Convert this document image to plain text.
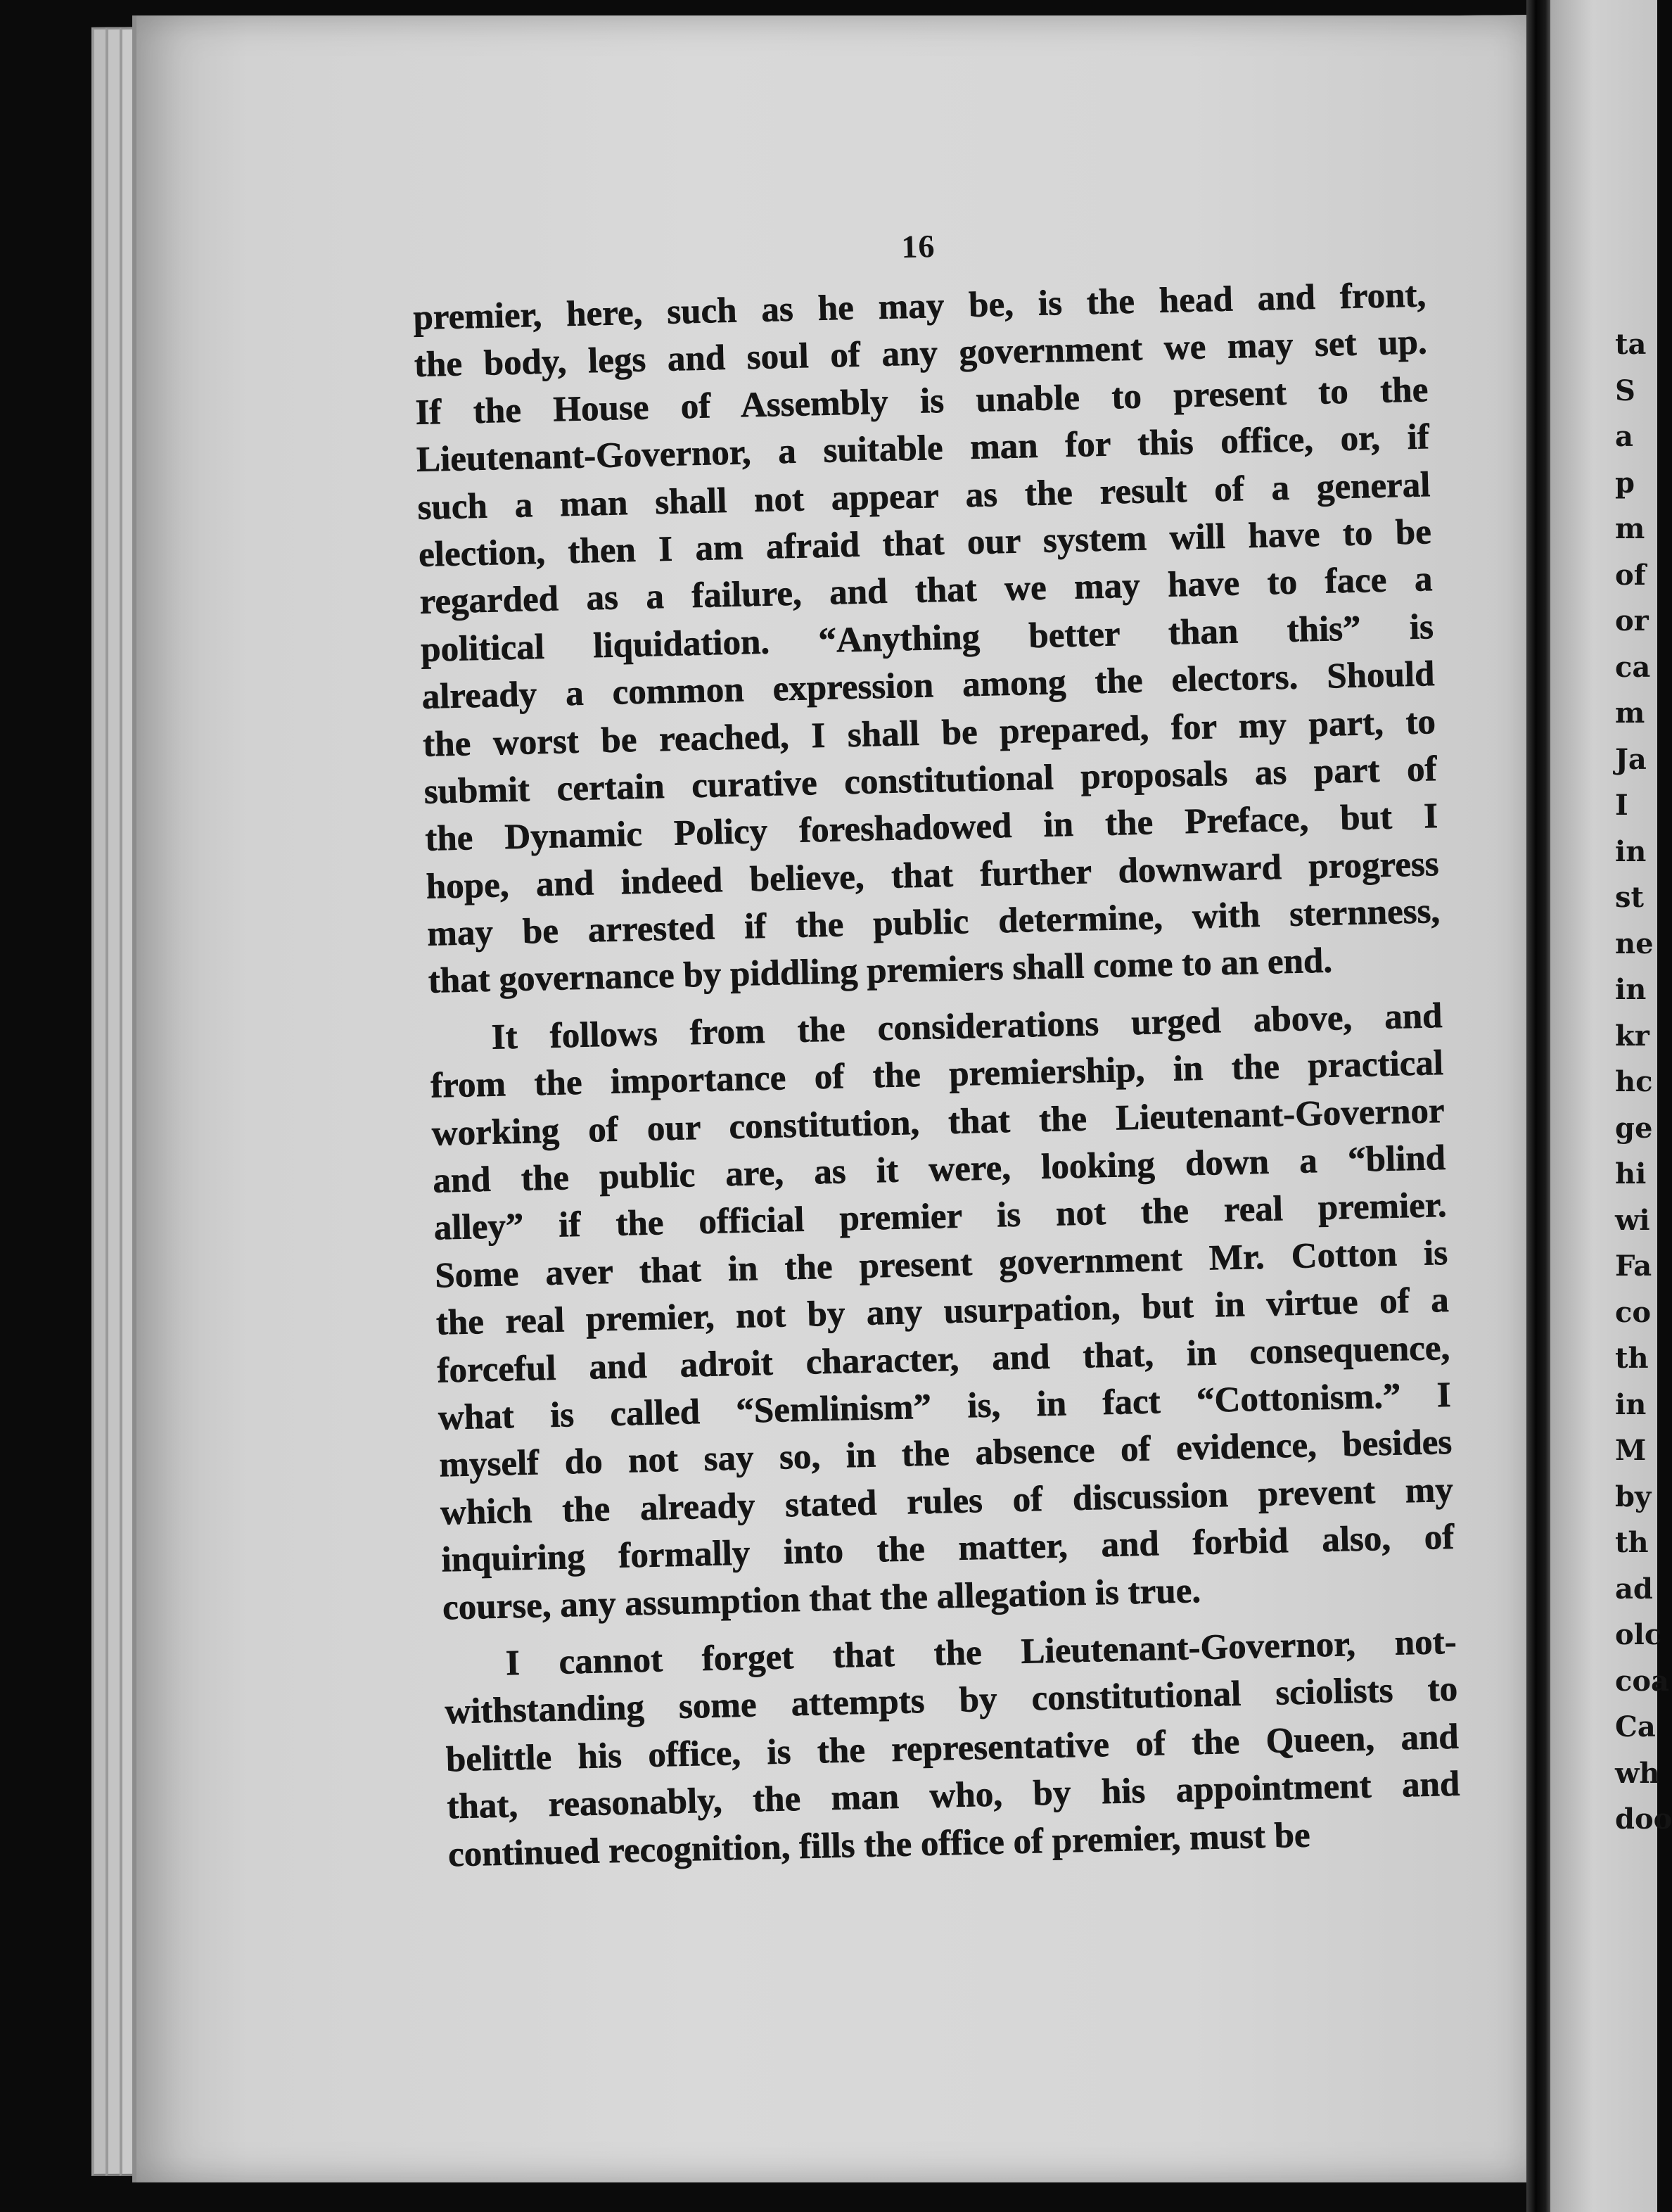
16
premier, here, such as he may be, is the head and front,
the body, legs and soul of any government we may set up.
If the House of Assembly is unable to present to the
Lieutenant-Governor, a suitable man for this office, or, if
such a man shall not appear as the result of a general
election, then I am afraid that our system will have to be
regarded as a failure, and that we may have to face a
political liquidation. “Anything better than this” is
already a common expression among the electors. Should
the worst be reached, I shall be prepared, for my part, to
submit certain curative constitutional proposals as part of
the Dynamic Policy foreshadowed in the Preface, but I
hope, and indeed believe, that further downward progress
may be arrested if the public determine, with sternness,
that governance by piddling premiers shall come to an end.
It follows from the considerations urged above, and
from the importance of the premiership, in the practical
working of our constitution, that the Lieutenant-Governor
and the public are, as it were, looking down a “blind
alley” if the official premier is not the real premier.
Some aver that in the present government Mr. Cotton is
the real premier, not by any usurpation, but in virtue of a
forceful and adroit character, and that, in consequence,
what is called “Semlinism” is, in fact “Cottonism.” I
myself do not say so, in the absence of evidence, besides
which the already stated rules of discussion prevent my
inquiring formally into the matter, and forbid also, of
course, any assumption that the allegation is true.
I cannot forget that the Lieutenant-Governor, not-
withstanding some attempts by constitutional sciolists to
belittle his office, is the representative of the Queen, and
that, reasonably, the man who, by his appointment and
continued recognition, fills the office of premier, must be
ta
S
a
p
m
of
or
ca
m
Ja
I
in
st
ne
in
kr
hc
ge
hi
wi
Fa
co
th
in
M
by
th
ad
olc
coa
Ca
wh
doo
